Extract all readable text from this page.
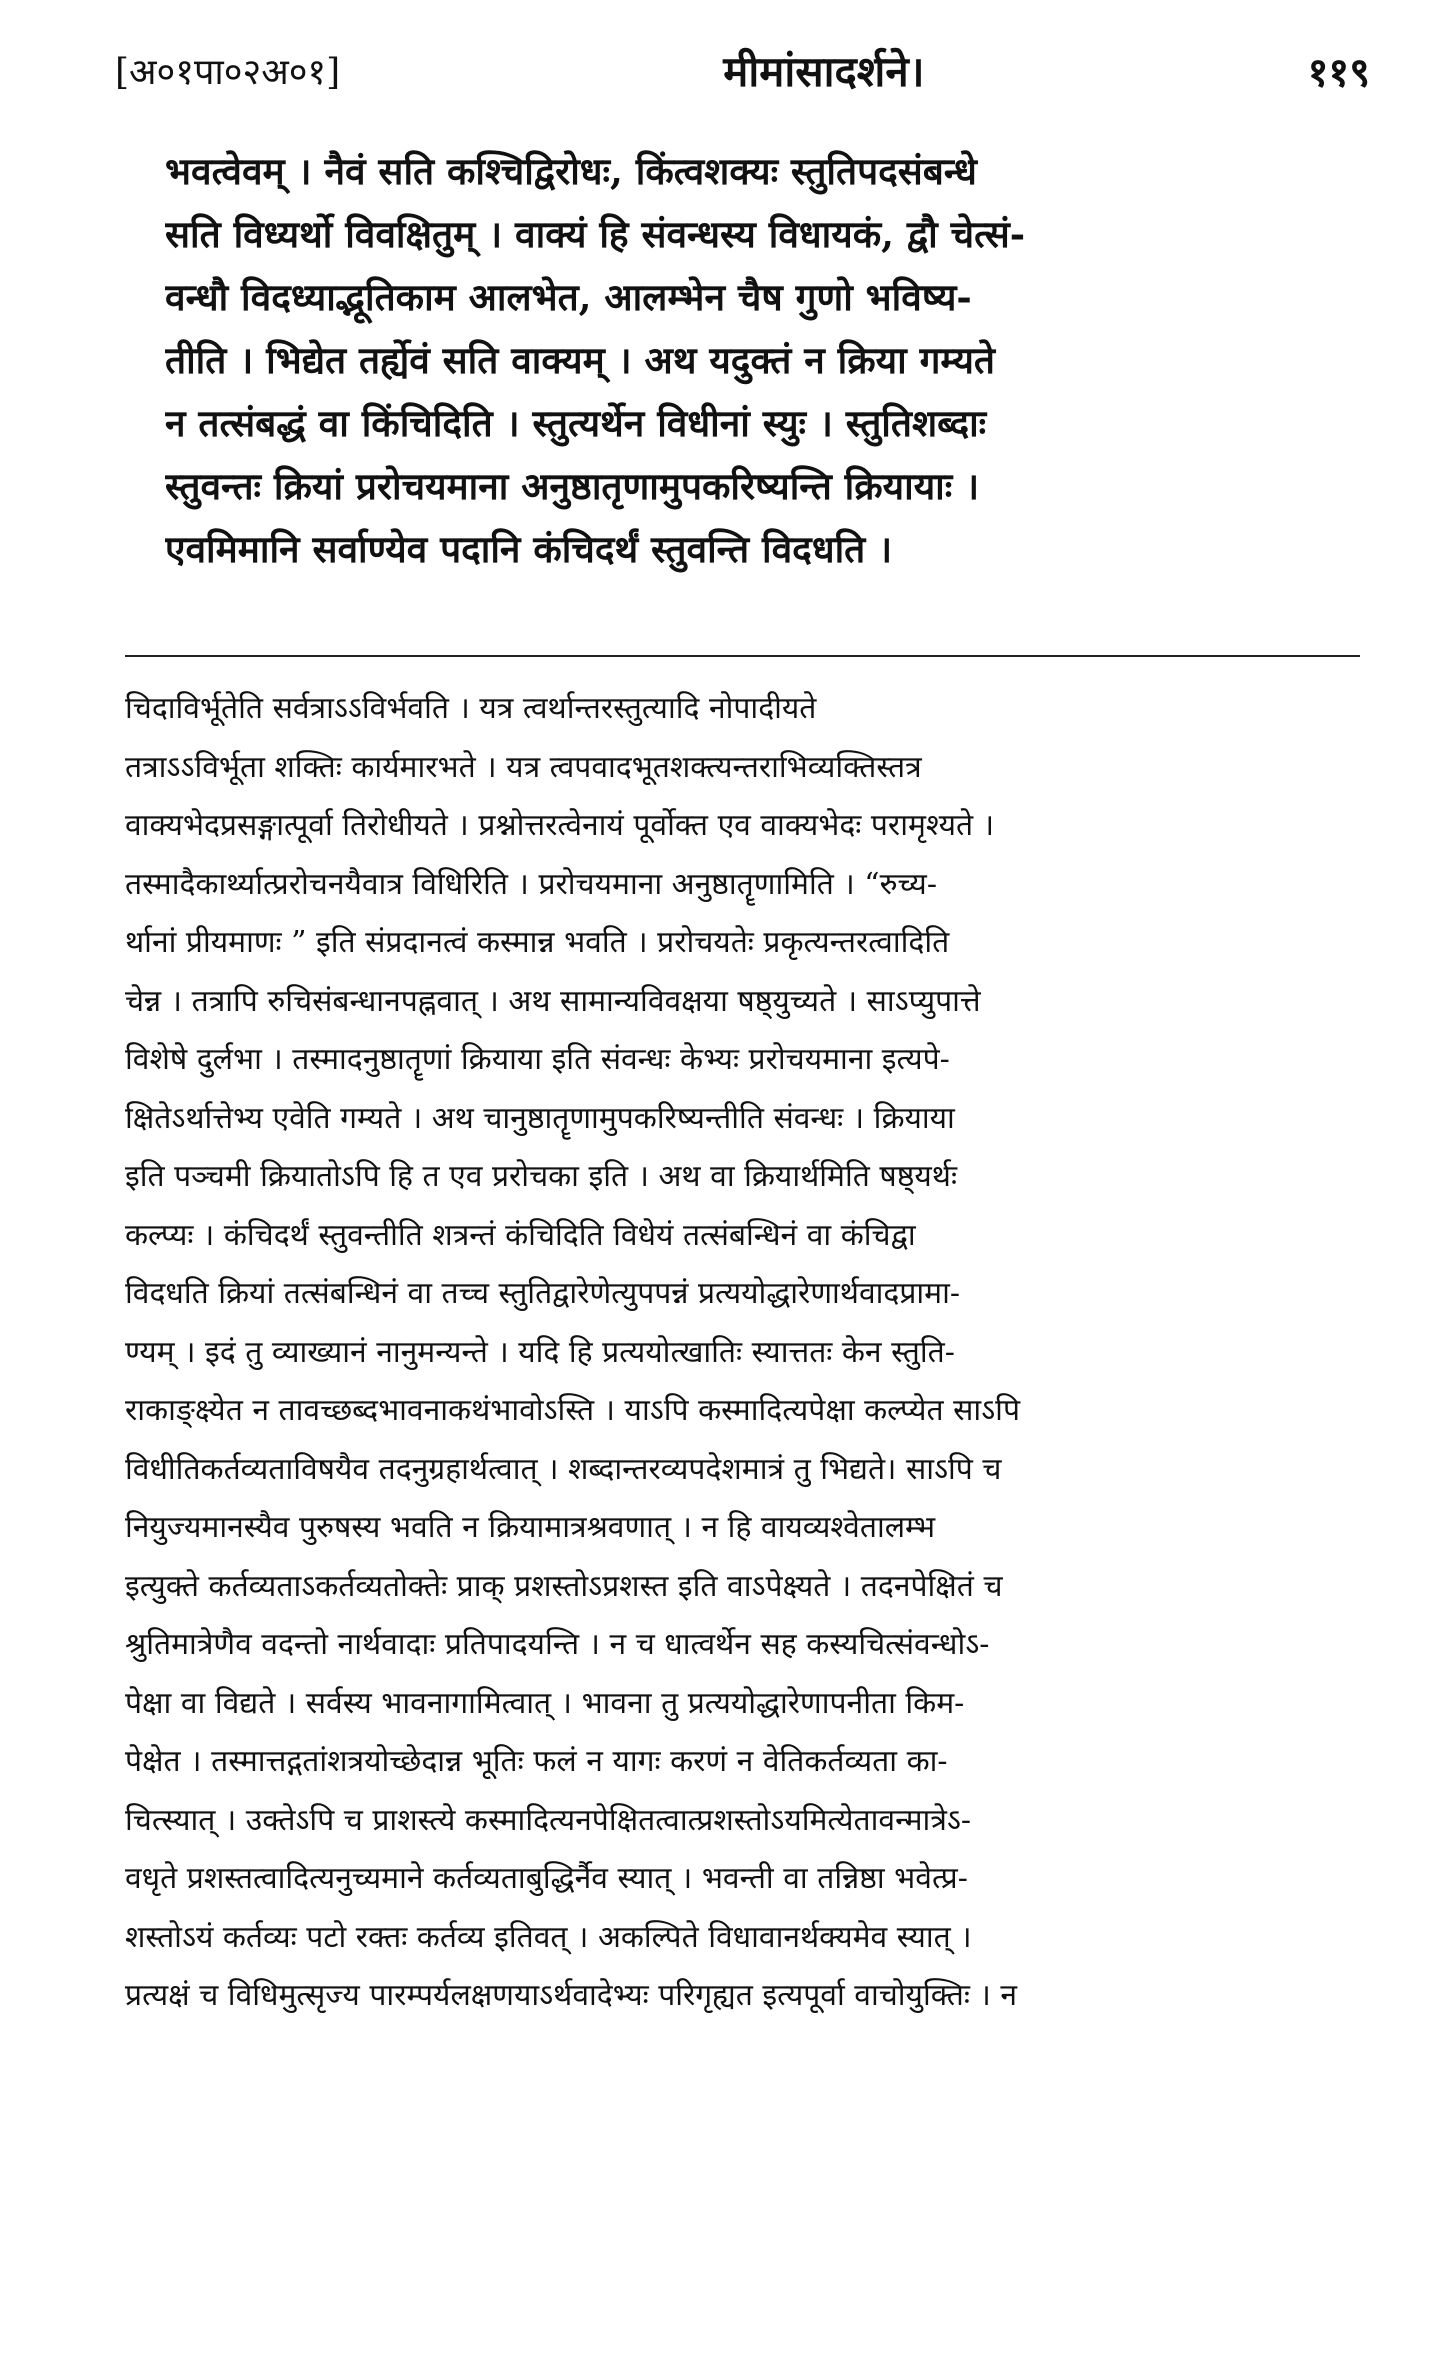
[अ०१पा०२अ०१]	मीमांसादर्शने।	११९

भवत्वेवम् । नैवं सति कश्चिद्विरोधः, किंत्वशक्यः स्तुतिपदसंबन्धे

सति विध्यर्थो विवक्षितुम् । वाक्यं हि संवन्धस्य विधायकं, द्वौ चेत्सं-

वन्धौ विदध्याद्भूतिकाम आलभेत, आलम्भेन चैष गुणो भविष्य-

तीति । भिद्येत तर्ह्येवं सति वाक्यम् । अथ यदुक्तं न क्रिया गम्यते

न तत्संबद्धं वा किंचिदिति । स्तुत्यर्थेन विधीनां स्युः । स्तुतिशब्दाः

स्तुवन्तः क्रियां प्ररोचयमाना अनुष्ठातृणामुपकरिष्यन्ति क्रियायाः ।

एवमिमानि सर्वाण्येव पदानि कंचिदर्थं स्तुवन्ति विदधति ।

चिदाविर्भूतेति सर्वत्राऽऽविर्भवति । यत्र त्वर्थान्तरस्तुत्यादि नोपादीयते

तत्राऽऽविर्भूता शक्तिः कार्यमारभते । यत्र त्वपवादभूतशक्त्यन्तराभिव्यक्तिस्तत्र

वाक्यभेदप्रसङ्गात्पूर्वा तिरोधीयते । प्रश्नोत्तरत्वेनायं पूर्वोक्त एव वाक्यभेदः परामृश्यते ।

तस्मादैकार्थ्यात्प्ररोचनयैवात्र विधिरिति । प्ररोचयमाना अनुष्ठातॄणामिति । “रुच्य-

र्थानां प्रीयमाणः ” इति संप्रदानत्वं कस्मान्न भवति । प्ररोचयतेः प्रकृत्यन्तरत्वादिति

चेन्न । तत्रापि रुचिसंबन्धानपह्नवात् । अथ सामान्यविवक्षया षष्ठ्युच्यते । साऽप्युपात्ते

विशेषे दुर्लभा । तस्मादनुष्ठातॄणां क्रियाया इति संवन्धः केभ्यः प्ररोचयमाना इत्यपे-

क्षितेऽर्थात्तेभ्य एवेति गम्यते । अथ चानुष्ठातॄणामुपकरिष्यन्तीति संवन्धः । क्रियाया

इति पञ्चमी क्रियातोऽपि हि त एव प्ररोचका इति । अथ वा क्रियार्थमिति षष्ठ्यर्थः

कल्प्यः । कंचिदर्थं स्तुवन्तीति शत्रन्तं कंचिदिति विधेयं तत्संबन्धिनं वा कंचिद्वा

विदधति क्रियां तत्संबन्धिनं वा तच्च स्तुतिद्वारेणेत्युपपन्नं प्रत्ययोद्धारेणार्थवादप्रामा-

ण्यम् । इदं तु व्याख्यानं नानुमन्यन्ते । यदि हि प्रत्ययोत्खातिः स्यात्ततः केन स्तुति-

राकाङ्क्ष्येत न तावच्छब्दभावनाकथंभावोऽस्ति । याऽपि कस्मादित्यपेक्षा कल्प्येत साऽपि

विधीतिकर्तव्यताविषयैव तदनुग्रहार्थत्वात् । शब्दान्तरव्यपदेशमात्रं तु भिद्यते। साऽपि च

नियुज्यमानस्यैव पुरुषस्य भवति न क्रियामात्रश्रवणात् । न हि वायव्यश्वेतालम्भ

इत्युक्ते कर्तव्यताऽकर्तव्यतोक्तेः प्राक् प्रशस्तोऽप्रशस्त इति वाऽपेक्ष्यते । तदनपेक्षितं च

श्रुतिमात्रेणैव वदन्तो नार्थवादाः प्रतिपादयन्ति । न च धात्वर्थेन सह कस्यचित्संवन्धोऽ-

पेक्षा वा विद्यते । सर्वस्य भावनागामित्वात् । भावना तु प्रत्ययोद्धारेणापनीता किम-

पेक्षेत । तस्मात्तद्गतांशत्रयोच्छेदान्न भूतिः फलं न यागः करणं न वेतिकर्तव्यता का-

चित्स्यात् । उक्तेऽपि च प्राशस्त्ये कस्मादित्यनपेक्षितत्वात्प्रशस्तोऽयमित्येतावन्मात्रेऽ-

वधृते प्रशस्तत्वादित्यनुच्यमाने कर्तव्यताबुद्धिर्नैव स्यात् । भवन्ती वा तन्निष्ठा भवेत्प्र-

शस्तोऽयं कर्तव्यः पटो रक्तः कर्तव्य इतिवत् । अकल्पिते विधावानर्थक्यमेव स्यात् ।

प्रत्यक्षं च विधिमुत्सृज्य पारम्पर्यलक्षणयाऽर्थवादेभ्यः परिगृह्यत इत्यपूर्वा वाचोयुक्तिः । न
